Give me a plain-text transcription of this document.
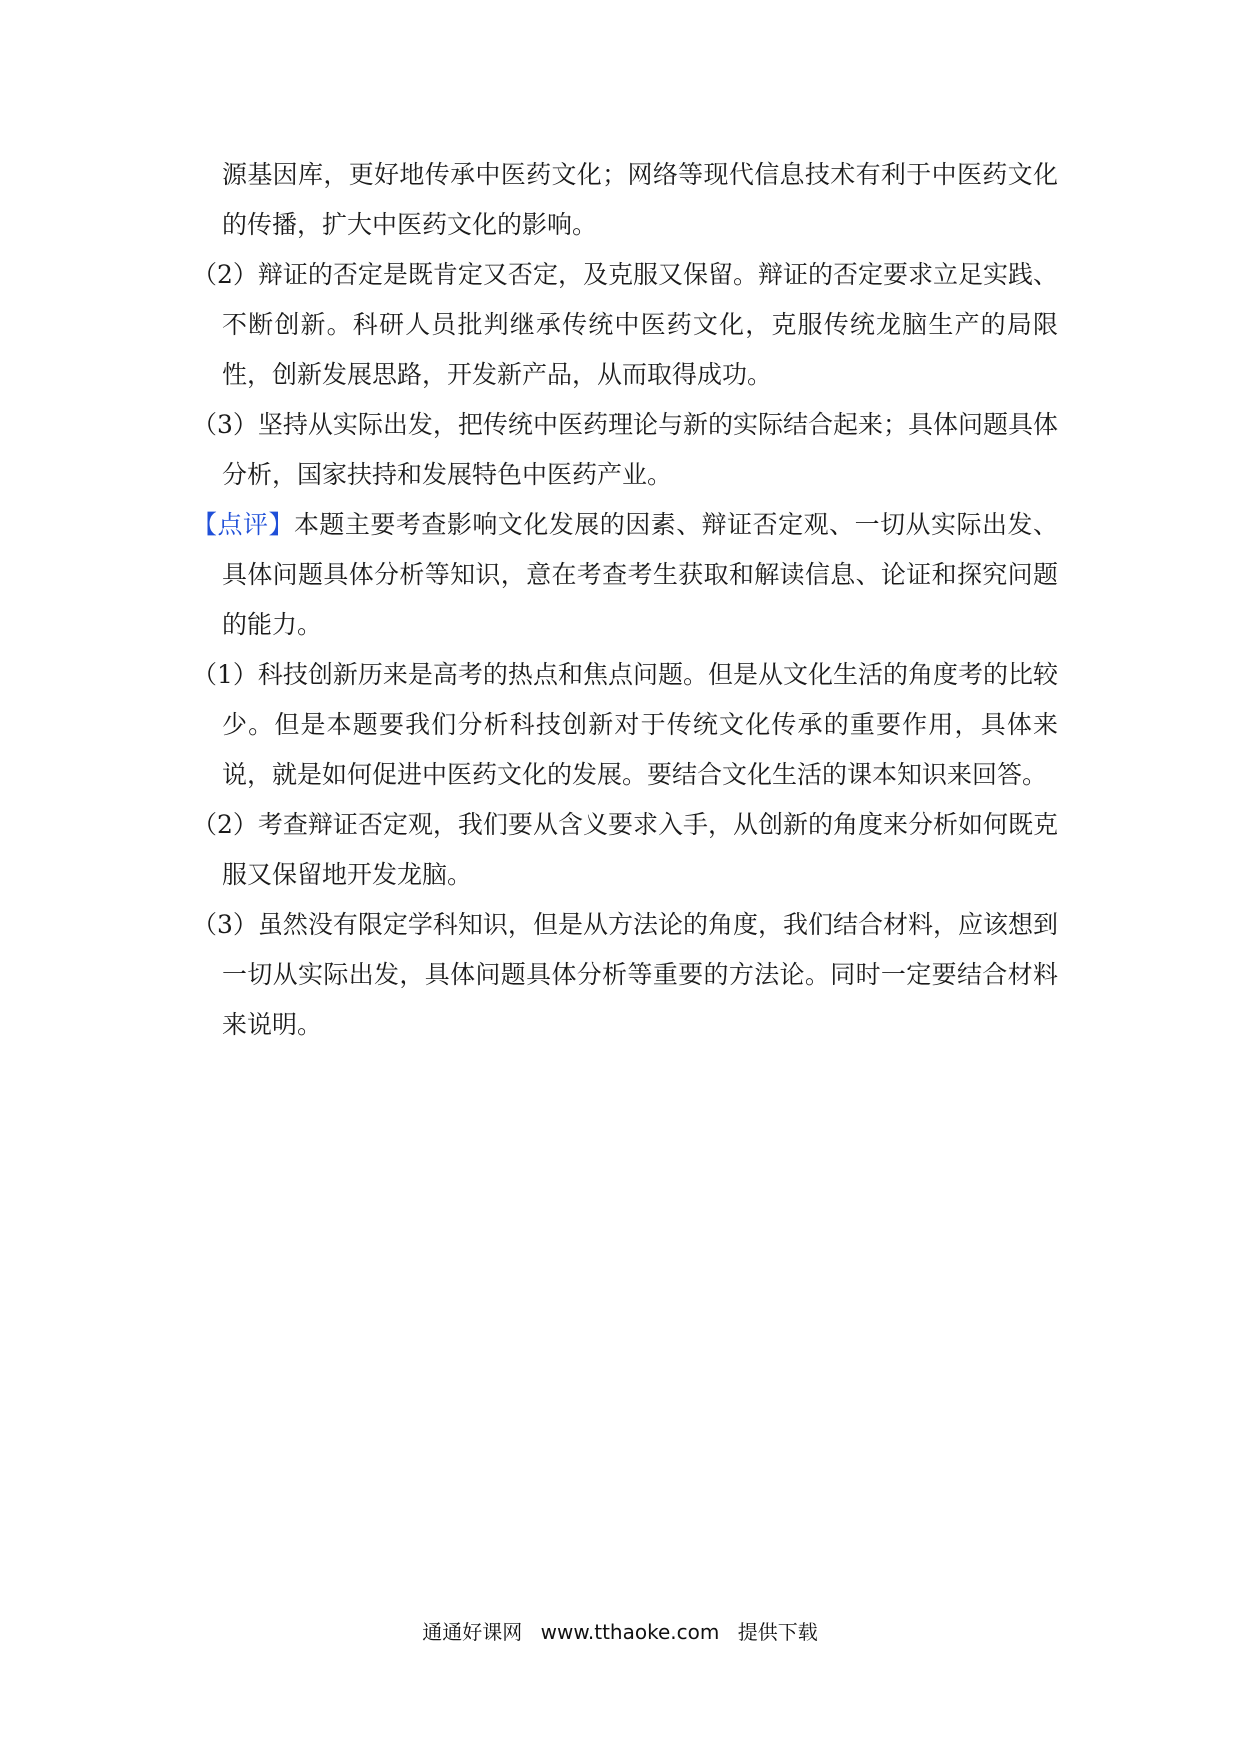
源基因库，更好地传承中医药文化；网络等现代信息技术有利于中医药文化的传播，扩大中医药文化的影响。

（2）辩证的否定是既肯定又否定，及克服又保留。辩证的否定要求立足实践、不断创新。科研人员批判继承传统中医药文化，克服传统龙脑生产的局限性，创新发展思路，开发新产品，从而取得成功。

（3）坚持从实际出发，把传统中医药理论与新的实际结合起来；具体问题具体分析，国家扶持和发展特色中医药产业。

【点评】本题主要考查影响文化发展的因素、辩证否定观、一切从实际出发、具体问题具体分析等知识，意在考查考生获取和解读信息、论证和探究问题的能力。

（1）科技创新历来是高考的热点和焦点问题。但是从文化生活的角度考的比较少。但是本题要我们分析科技创新对于传统文化传承的重要作用，具体来说，就是如何促进中医药文化的发展。要结合文化生活的课本知识来回答。

（2）考查辩证否定观，我们要从含义要求入手，从创新的角度来分析如何既克服又保留地开发龙脑。

（3）虽然没有限定学科知识，但是从方法论的角度，我们结合材料，应该想到一切从实际出发，具体问题具体分析等重要的方法论。同时一定要结合材料来说明。

通通好课网 www.tthaoke.com 提供下载
